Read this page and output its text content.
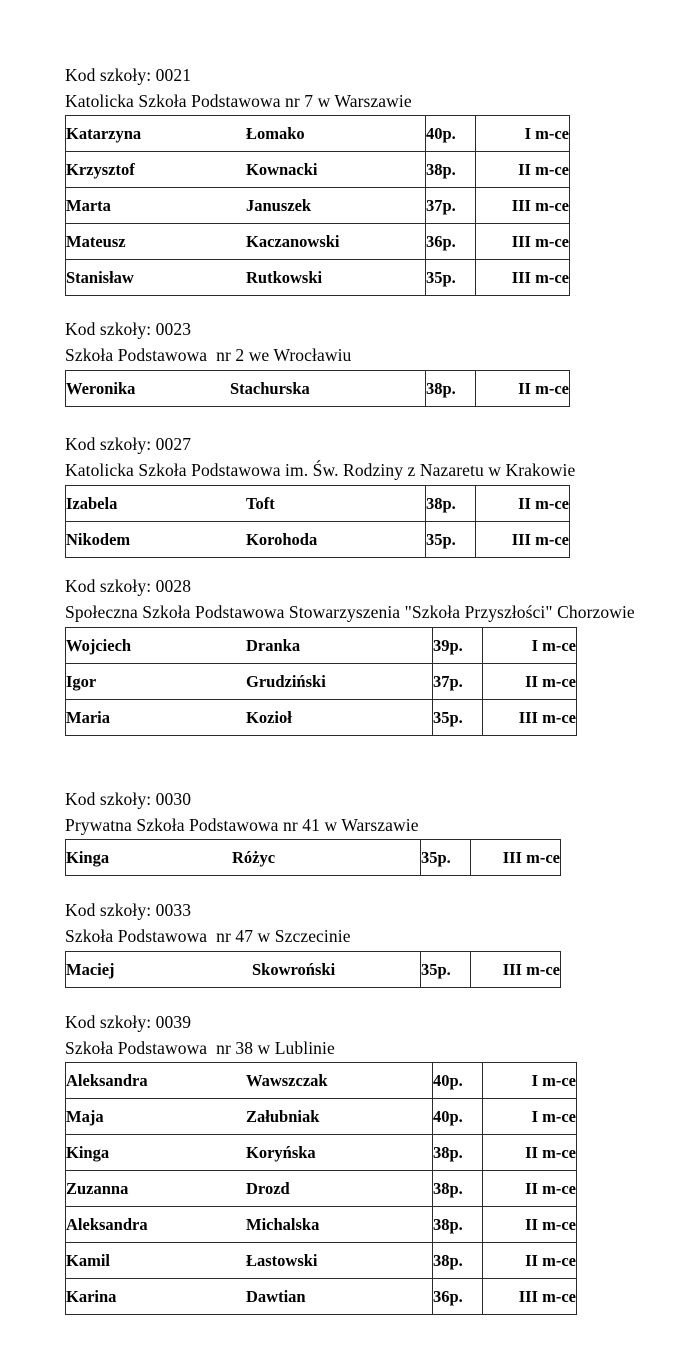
Kod szkoły: 0021
Katolicka Szkoła Podstawowa nr 7 w Warszawie
Katarzyna	Łomako	40p.	I m-ce
Krzysztof	Kownacki	38p.	II m-ce
Marta	Januszek	37p.	III m-ce
Mateusz	Kaczanowski	36p.	III m-ce
Stanisław	Rutkowski	35p.	III m-ce
Kod szkoły: 0023
Szkoła Podstawowa  nr 2 we Wrocławiu
Weronika	Stachurska	38p.	II m-ce
Kod szkoły: 0027
Katolicka Szkoła Podstawowa im. Św. Rodziny z Nazaretu w Krakowie
Izabela	Toft	38p.	II m-ce
Nikodem	Korohoda	35p.	III m-ce
Kod szkoły: 0028
Społeczna Szkoła Podstawowa Stowarzyszenia "Szkoła Przyszłości" Chorzowie
Wojciech	Dranka	39p.	I m-ce
Igor	Grudziński	37p.	II m-ce
Maria	Kozioł	35p.	III m-ce
Kod szkoły: 0030
Prywatna Szkoła Podstawowa nr 41 w Warszawie
Kinga	Różyc	35p.	III m-ce
Kod szkoły: 0033
Szkoła Podstawowa  nr 47 w Szczecinie
Maciej	Skowroński	35p.	III m-ce
Kod szkoły: 0039
Szkoła Podstawowa  nr 38 w Lublinie
Aleksandra	Wawszczak	40p.	I m-ce
Maja	Załubniak	40p.	I m-ce
Kinga	Koryńska	38p.	II m-ce
Zuzanna	Drozd	38p.	II m-ce
Aleksandra	Michalska	38p.	II m-ce
Kamil	Łastowski	38p.	II m-ce
Karina	Dawtian	36p.	III m-ce
